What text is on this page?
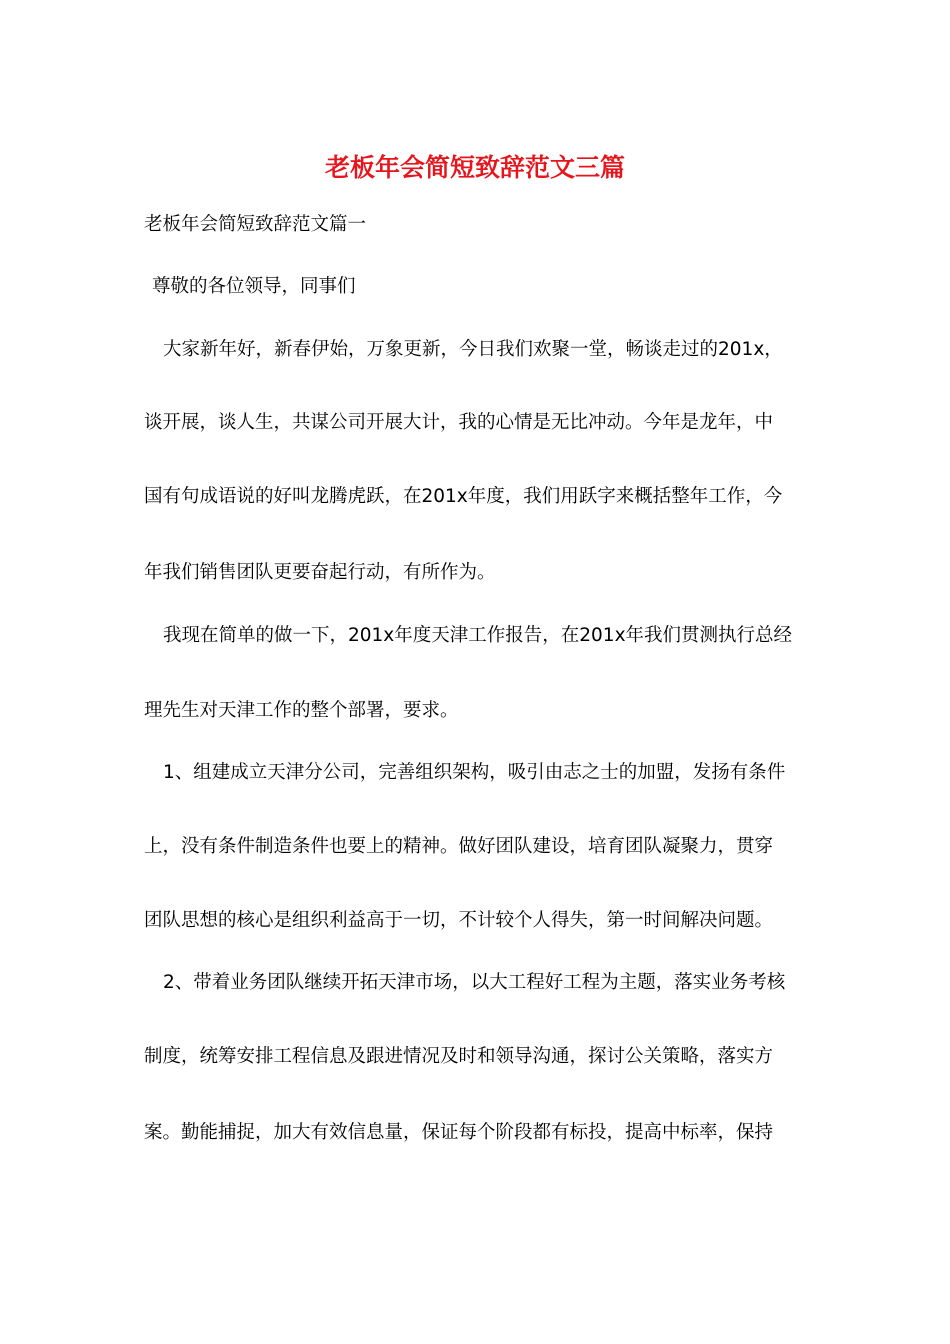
老板年会简短致辞范文三篇

老板年会简短致辞范文篇一

尊敬的各位领导，同事们

大家新年好，新春伊始，万象更新，今日我们欢聚一堂，畅谈走过的201x，

谈开展，谈人生，共谋公司开展大计，我的心情是无比冲动。今年是龙年，中

国有句成语说的好叫龙腾虎跃，在201x年度，我们用跃字来概括整年工作，今

年我们销售团队更要奋起行动，有所作为。

我现在简单的做一下，201x年度天津工作报告，在201x年我们贯测执行总经

理先生对天津工作的整个部署，要求。

1、组建成立天津分公司，完善组织架构，吸引由志之士的加盟，发扬有条件

上，没有条件制造条件也要上的精神。做好团队建设，培育团队凝聚力，贯穿

团队思想的核心是组织利益高于一切，不计较个人得失，第一时间解决问题。

2、带着业务团队继续开拓天津市场，以大工程好工程为主题，落实业务考核

制度，统筹安排工程信息及跟进情况及时和领导沟通，探讨公关策略，落实方

案。勤能捕捉，加大有效信息量，保证每个阶段都有标投，提高中标率，保持
